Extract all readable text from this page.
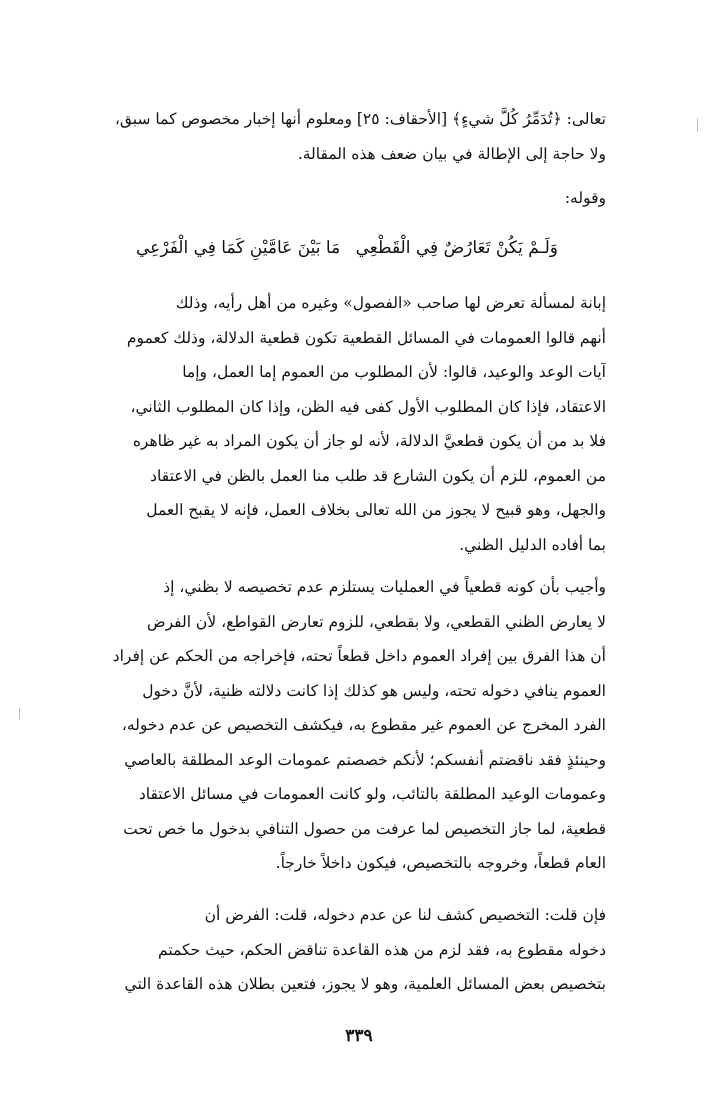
تعالى: ﴿تُدَمِّرُ كُلَّ شيءٍ﴾ [الأحقاف: ٢٥] ومعلوم أنها إخبار مخصوص كما سبق،
ولا حاجة إلى الإطالة في بيان ضعف هذه المقالة.
وقوله:
وَلَـمْ يَكُنْ تَعَارُضٌ فِي الْقَطْعِي
مَا بَيْنَ عَامَّيْنِ كَمَا فِي الْفَرْعِي
إبانة لمسألة تعرض لها صاحب «الفصول» وغيره من أهل رأيه، وذلك
أنهم قالوا العمومات في المسائل القطعية تكون قطعية الدلالة، وذلك كعموم
آيات الوعد والوعيد، قالوا: لأن المطلوب من العموم إما العمل، وإما
الاعتقاد، فإذا كان المطلوب الأول كفى فيه الظن، وإذا كان المطلوب الثاني،
فلا بد من أن يكون قطعيَّ الدلالة، لأنه لو جاز أن يكون المراد به غير ظاهره
من العموم، للزم أن يكون الشارع قد طلب منا العمل بالظن في الاعتقاد
والجهل، وهو قبيح لا يجوز من الله تعالى بخلاف العمل، فإنه لا يقبح العمل
بما أفاده الدليل الظني.
وأجيب بأن كونه قطعياً في العمليات يستلزم عدم تخصيصه لا بظني، إذ
لا يعارض الظني القطعي، ولا بقطعي، للزوم تعارض القواطع، لأن الفرض
أن هذا الفرق بين إفراد العموم داخل قطعاً تحته، فإخراجه من الحكم عن إفراد
العموم ينافي دخوله تحته، وليس هو كذلك إذا كانت دلالته ظنية، لأنَّ دخول
الفرد المخرج عن العموم غير مقطوع به، فيكشف التخصيص عن عدم دخوله،
وحينئذٍ فقد ناقضتم أنفسكم؛ لأنكم خصصتم عمومات الوعد المطلقة بالعاصي
وعمومات الوعيد المطلقة بالتائب، ولو كانت العمومات في مسائل الاعتقاد
قطعية، لما جاز التخصيص لما عرفت من حصول التنافي بدخول ما خص تحت
العام قطعاً، وخروجه بالتخصيص، فيكون داخلاً خارجاً.
فإن قلت: التخصيص كشف لنا عن عدم دخوله، قلت: الفرض أن
دخوله مقطوع به، فقد لزم من هذه القاعدة تناقض الحكم، حيث حكمتم
بتخصيص بعض المسائل العلمية، وهو لا يجوز، فتعين بطلان هذه القاعدة التي
٣٣٩
